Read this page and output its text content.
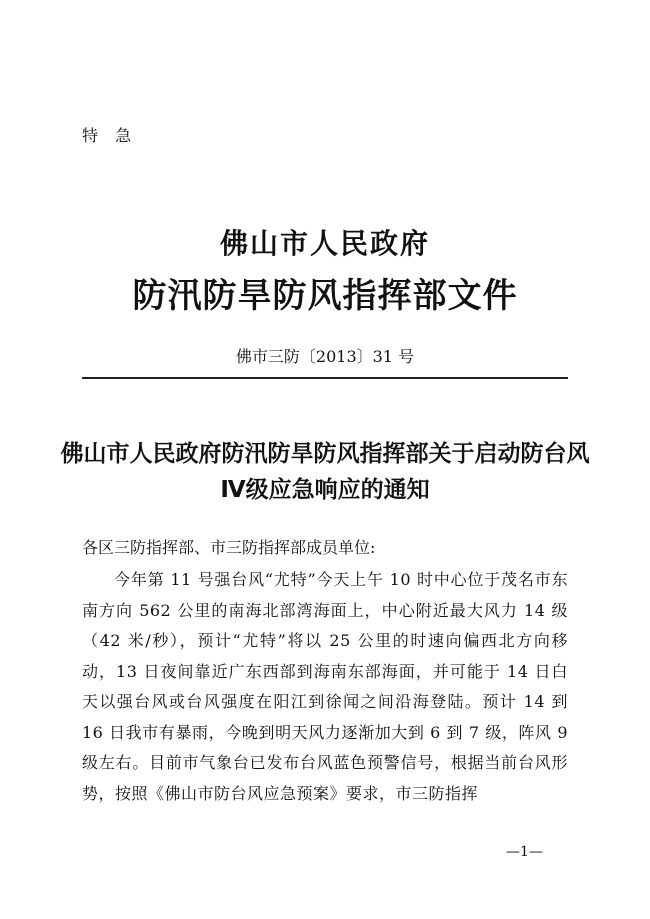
特 急
佛山市人民政府
防汛防旱防风指挥部文件
佛市三防〔2013〕31 号
佛山市人民政府防汛防旱防风指挥部关于启动防台风Ⅳ级应急响应的通知
各区三防指挥部、市三防指挥部成员单位:
今年第 11 号强台风“尤特”今天上午 10 时中心位于茂名市东南方向 562 公里的南海北部湾海面上，中心附近最大风力 14 级（42 米/秒），预计“尤特”将以 25 公里的时速向偏西北方向移动，13 日夜间靠近广东西部到海南东部海面，并可能于 14 日白天以强台风或台风强度在阳江到徐闻之间沿海登陆。预计 14 到 16 日我市有暴雨，今晚到明天风力逐渐加大到 6 到 7 级，阵风 9 级左右。目前市气象台已发布台风蓝色预警信号，根据当前台风形势，按照《佛山市防台风应急预案》要求，市三防指挥
—1—
